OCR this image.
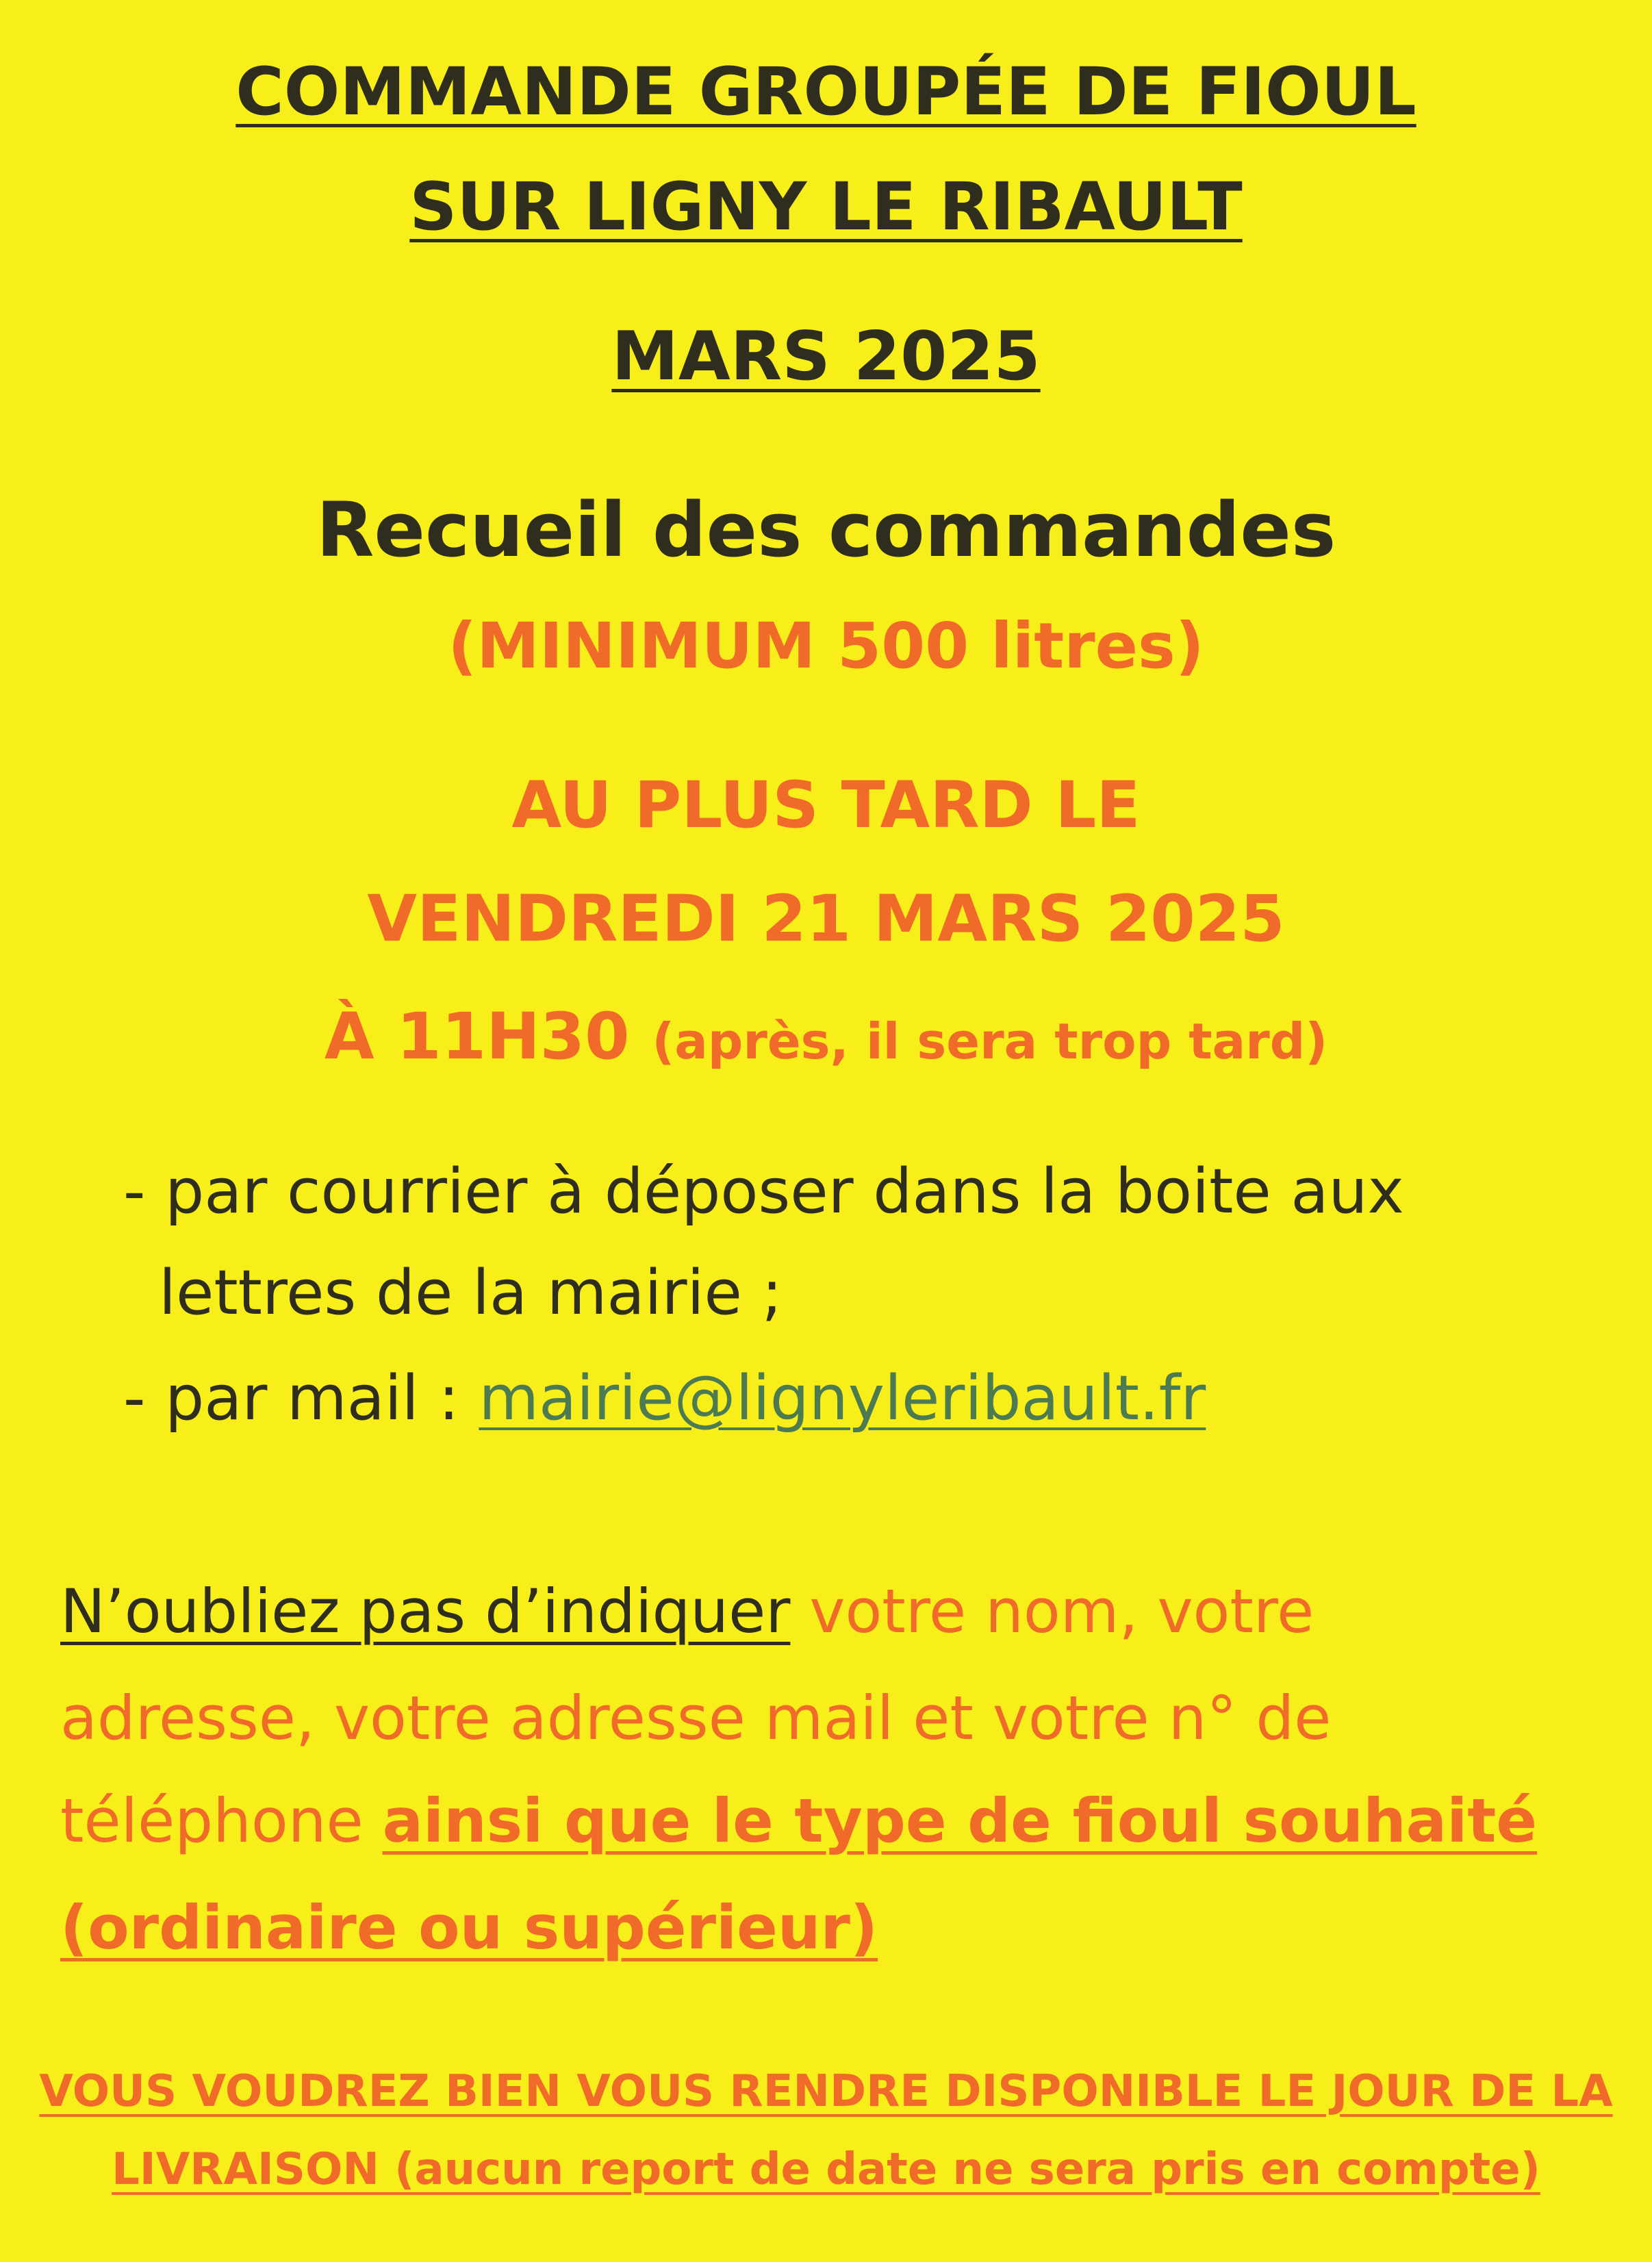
COMMANDE GROUPÉE DE FIOUL
SUR LIGNY LE RIBAULT
MARS 2025
Recueil des commandes
(MINIMUM 500 litres)
AU PLUS TARD LE
VENDREDI 21 MARS 2025
À 11H30 (après, il sera trop tard)
- par courrier à déposer dans la boite aux
lettres de la mairie ;
- par mail : mairie@lignyleribault.fr
N’oubliez pas d’indiquer votre nom, votre
adresse, votre adresse mail et votre n° de
téléphone ainsi que le type de fioul souhaité
(ordinaire ou supérieur)
VOUS VOUDREZ BIEN VOUS RENDRE DISPONIBLE LE JOUR DE LA
LIVRAISON (aucun report de date ne sera pris en compte)
